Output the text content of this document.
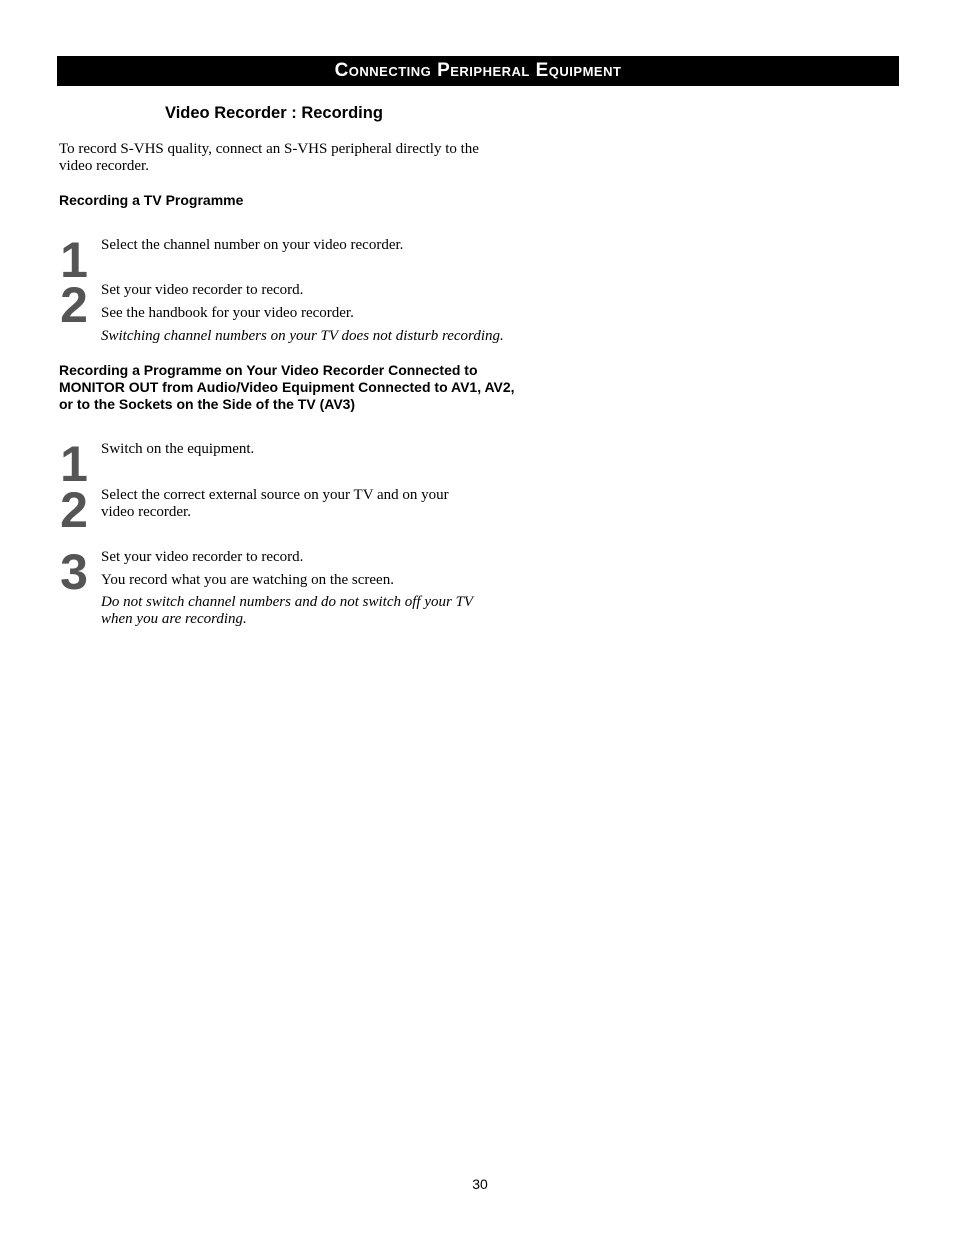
Connecting Peripheral Equipment
Video Recorder : Recording

To record S-VHS quality, connect an S-VHS peripheral directly to the video recorder.

Recording a TV Programme
1 Select the channel number on your video recorder.

2 Set your video recorder to record.

See the handbook for your video recorder.

Switching channel numbers on your TV does not disturb recording.

Recording a Programme on Your Video Recorder Connected to MONITOR OUT from Audio/Video Equipment Connected to AV1, AV2, or to the Sockets on the Side of the TV (AV3)
1 Switch on the equipment.

2 Select the correct external source on your TV and on your video recorder.

3 Set your video recorder to record.

You record what you are watching on the screen.

Do not switch channel numbers and do not switch off your TV when you are recording.

30
